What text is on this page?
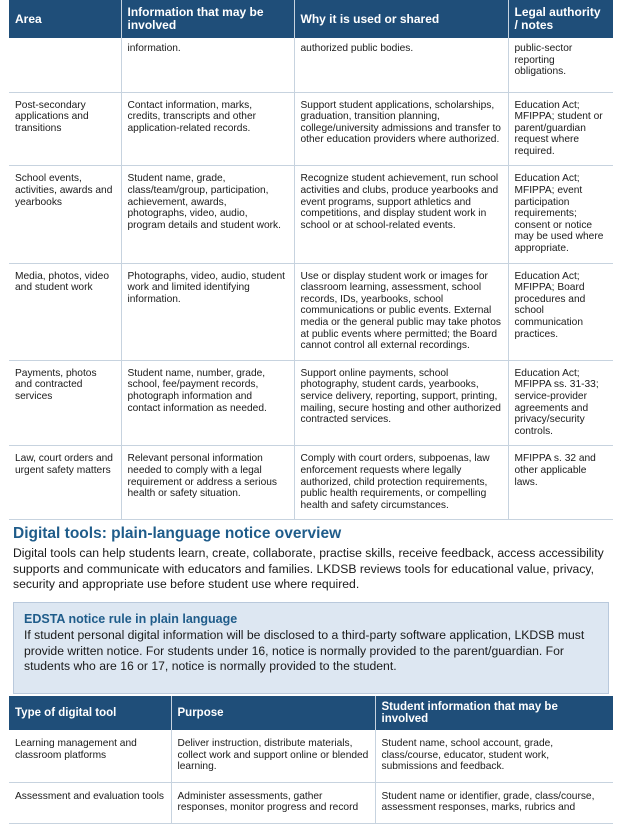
Area	Information that may be involved	Why it is used or shared	Legal authority / notes
	information.	authorized public bodies.	public-sector reporting obligations.
Post-secondary applications and transitions	Contact information, marks, credits, transcripts and other application-related records.	Support student applications, scholarships, graduation, transition planning, college/university admissions and transfer to other education providers where authorized.	Education Act; MFIPPA; student or parent/guardian request where required.
School events, activities, awards and yearbooks	Student name, grade, class/team/group, participation, achievement, awards, photographs, video, audio, program details and student work.	Recognize student achievement, run school activities and clubs, produce yearbooks and event programs, support athletics and competitions, and display student work in school or at school-related events.	Education Act; MFIPPA; event participation requirements; consent or notice may be used where appropriate.
Media, photos, video and student work	Photographs, video, audio, student work and limited identifying information.	Use or display student work or images for classroom learning, assessment, school records, IDs, yearbooks, school communications or public events. External media or the general public may take photos at public events where permitted; the Board cannot control all external recordings.	Education Act; MFIPPA; Board procedures and school communication practices.
Payments, photos and contracted services	Student name, number, grade, school, fee/payment records, photograph information and contact information as needed.	Support online payments, school photography, student cards, yearbooks, service delivery, reporting, support, printing, mailing, secure hosting and other authorized contracted services.	Education Act; MFIPPA ss. 31-33; service-provider agreements and privacy/security controls.
Law, court orders and urgent safety matters	Relevant personal information needed to comply with a legal requirement or address a serious health or safety situation.	Comply with court orders, subpoenas, law enforcement requests where legally authorized, child protection requirements, public health requirements, or compelling health and safety circumstances.	MFIPPA s. 32 and other applicable laws.
Digital tools: plain-language notice overview

Digital tools can help students learn, create, collaborate, practise skills, receive feedback, access accessibility supports and communicate with educators and families. LKDSB reviews tools for educational value, privacy, security and appropriate use before student use where required.

EDSTA notice rule in plain language
If student personal digital information will be disclosed to a third-party software application, LKDSB must provide written notice. For students under 16, notice is normally provided to the parent/guardian. For students who are 16 or 17, notice is normally provided to the student.
Type of digital tool	Purpose	Student information that may be involved
Learning management and classroom platforms	Deliver instruction, distribute materials, collect work and support online or blended learning.	Student name, school account, grade, class/course, educator, student work, submissions and feedback.
Assessment and evaluation tools	Administer assessments, gather responses, monitor progress and record	Student name or identifier, grade, class/course, assessment responses, marks, rubrics and
